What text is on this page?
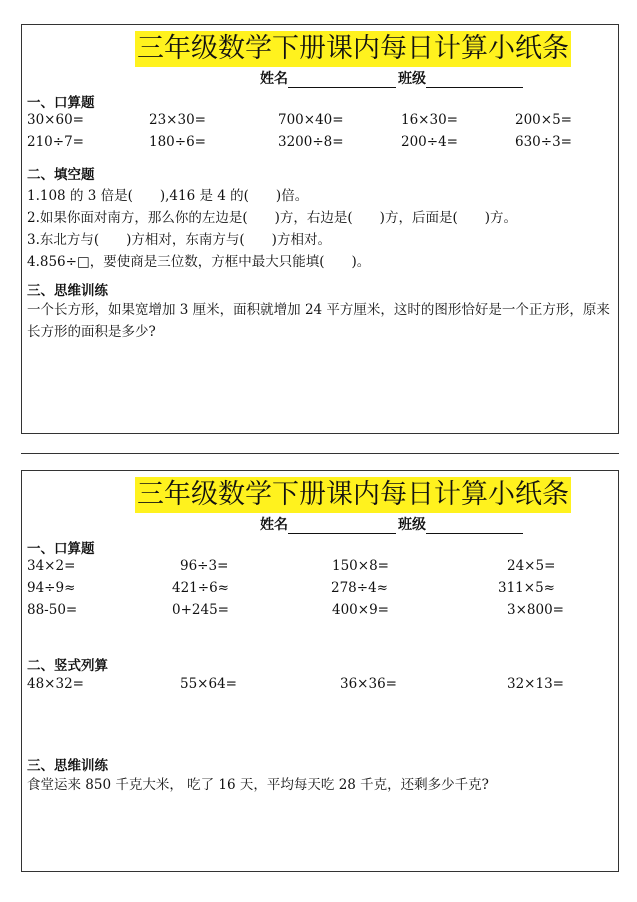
三年级数学下册课内每日计算小纸条
姓名	班级
一、口算题
30×60=	23×30=	700×40=	16×30=	200×5=
210÷7=	180÷6=	3200÷8=	200÷4=	630÷3=
二、填空题
1.108 的 3 倍是(　　),416 是 4 的(　　)倍。
2.如果你面对南方，那么你的左边是(　　)方，右边是(　　)方，后面是(　　)方。
3.东北方与(　　)方相对，东南方与(　　)方相对。
4.856÷□，要使商是三位数，方框中最大只能填(　　)。
三、思维训练
一个长方形，如果宽增加 3 厘米，面积就增加 24 平方厘米，这时的图形恰好是一个正方形，原来长方形的面积是多少?
三年级数学下册课内每日计算小纸条
姓名	班级
一、口算题
34×2=	96÷3=	150×8=	24×5=
94÷9≈	421÷6≈	278÷4≈	311×5≈
88-50=	0+245=	400×9=	3×800=
二、竖式列算
48×32=	55×64=	36×36=	32×13=
三、思维训练
食堂运来 850 千克大米， 吃了 16 天，平均每天吃 28 千克，还剩多少千克?
